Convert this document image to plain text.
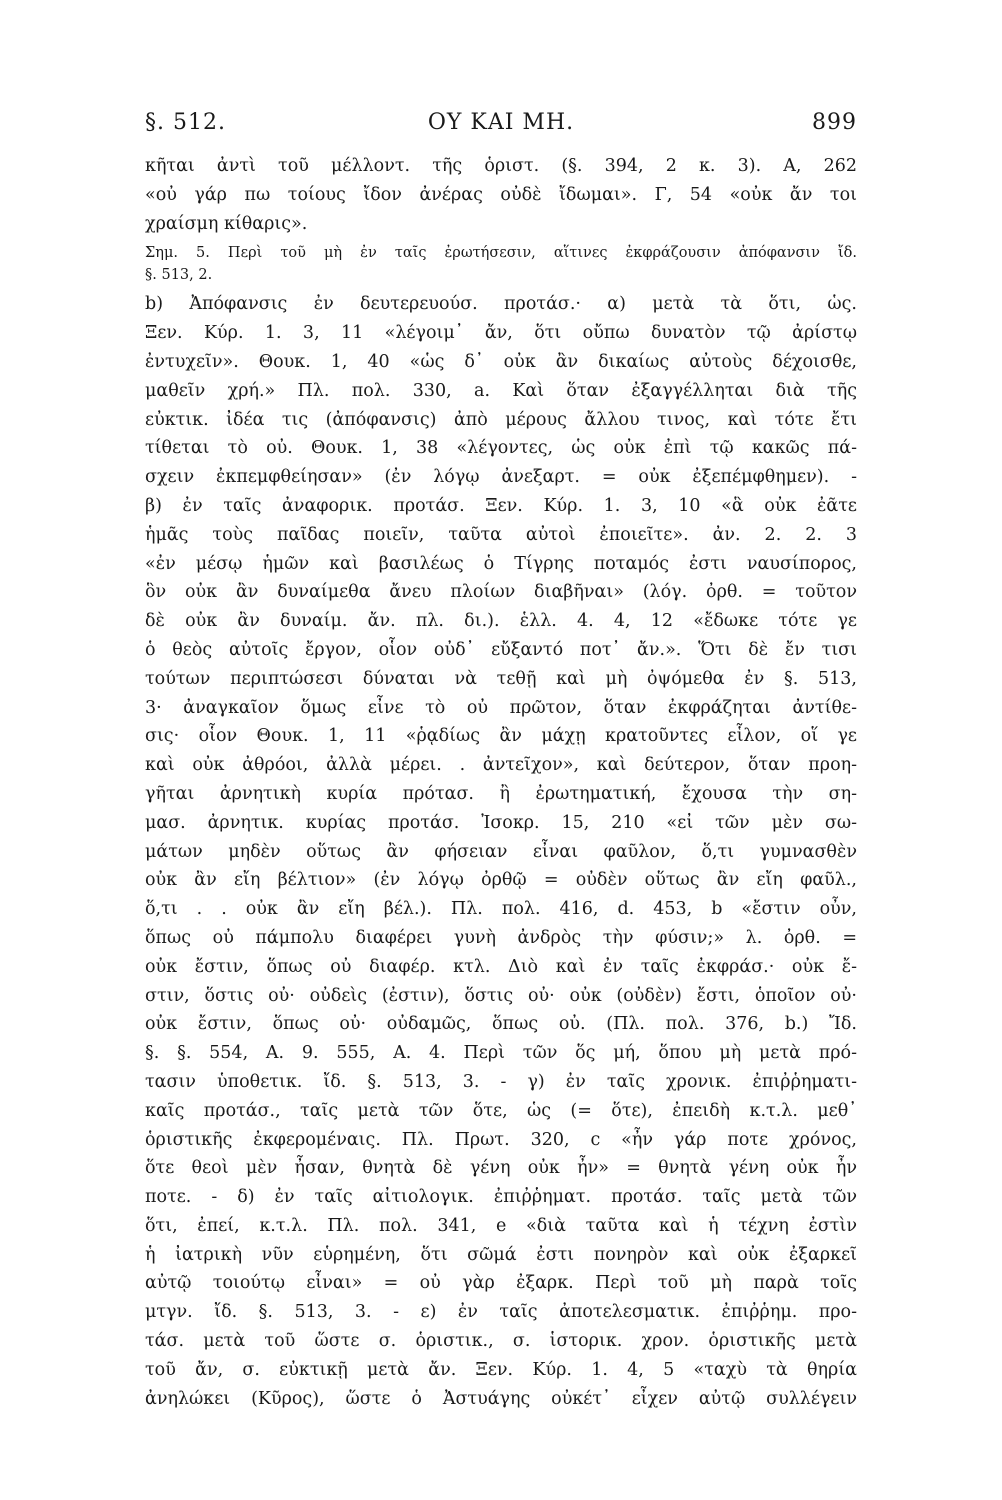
§. 512.	ΟΥ ΚΑΙ ΜΗ.	899
κῆται ἀντὶ τοῦ μέλλοντ. τῆς ὁριστ. (§. 394, 2 κ. 3). Α, 262
«οὐ γάρ πω τοίους ἴδον ἀνέρας οὐδὲ ἴδωμαι». Γ, 54 «οὐκ ἄν τοι
χραίσμη κίθαρις».
Σημ. 5. Περὶ τοῦ μὴ ἐν ταῖς ἐρωτήσεσιν, αἵτινες ἐκφράζουσιν ἀπόφανσιν ἴδ.
§. 513, 2.
b) Ἀπόφανσις ἐν δευτερευούσ. προτάσ.· α) μετὰ τὰ ὅτι, ὡς.
Ξεν. Κύρ. 1. 3, 11 «λέγοιμ᾿ ἄν, ὅτι οὔπω δυνατὸν τῷ ἀρίστῳ
ἐντυχεῖν». Θουκ. 1, 40 «ὡς δ᾿ οὐκ ἂν δικαίως αὐτοὺς δέχοισθε,
μαθεῖν χρή.» Πλ. πολ. 330, a. Καὶ ὅταν ἐξαγγέλληται διὰ τῆς
εὐκτικ. ἰδέα τις (ἀπόφανσις) ἀπὸ μέρους ἄλλου τινος, καὶ τότε ἔτι
τίθεται τὸ οὐ. Θουκ. 1, 38 «λέγοντες, ὡς οὐκ ἐπὶ τῷ κακῶς πά-
σχειν ἐκπεμφθείησαν» (ἐν λόγῳ ἀνεξαρτ. = οὐκ ἐξεπέμφθημεν). -
β) ἐν ταῖς ἀναφορικ. προτάσ. Ξεν. Κύρ. 1. 3, 10 «ἃ οὐκ ἐᾶτε
ἡμᾶς τοὺς παῖδας ποιεῖν, ταῦτα αὐτοὶ ἐποιεῖτε». ἀν. 2. 2. 3
«ἐν μέσῳ ἡμῶν καὶ βασιλέως ὁ Τίγρης ποταμός ἐστι ναυσίπορος,
ὃν οὐκ ἂν δυναίμεθα ἄνευ πλοίων διαβῆναι» (λόγ. ὀρθ. = τοῦτον
δὲ οὐκ ἂν δυναίμ. ἄν. πλ. δι.). ἑλλ. 4. 4, 12 «ἔδωκε τότε γε
ὁ θεὸς αὐτοῖς ἔργον, οἷον οὐδ᾿ εὔξαντό ποτ᾿ ἄν.». Ὅτι δὲ ἔν τισι
τούτων περιπτώσεσι δύναται νὰ τεθῇ καὶ μὴ ὀψόμεθα ἐν §. 513,
3· ἀναγκαῖον ὅμως εἶνε τὸ οὐ πρῶτον, ὅταν ἐκφράζηται ἀντίθε-
σις· οἷον Θουκ. 1, 11 «ῥᾳδίως ἂν μάχῃ κρατοῦντες εἷλον, οἵ γε
καὶ οὐκ ἀθρόοι, ἀλλὰ μέρει. . ἀντεῖχον», καὶ δεύτερον, ὅταν προη-
γῆται ἀρνητικὴ κυρία πρότασ. ἢ ἐρωτηματική, ἔχουσα τὴν ση-
μασ. ἀρνητικ. κυρίας προτάσ. Ἰσοκρ. 15, 210 «εἰ τῶν μὲν σω-
μάτων μηδὲν οὕτως ἂν φήσειαν εἶναι φαῦλον, ὅ,τι γυμνασθὲν
οὐκ ἂν εἴη βέλτιον» (ἐν λόγῳ ὀρθῷ = οὐδὲν οὕτως ἂν εἴη φαῦλ.,
ὅ,τι . . οὐκ ἂν εἴη βέλ.). Πλ. πολ. 416, d. 453, b «ἔστιν οὖν,
ὅπως οὐ πάμπολυ διαφέρει γυνὴ ἀνδρὸς τὴν φύσιν;» λ. ὀρθ. =
οὐκ ἔστιν, ὅπως οὐ διαφέρ. κτλ. Διὸ καὶ ἐν ταῖς ἐκφράσ.· οὐκ ἔ-
στιν, ὅστις οὐ· οὐδεὶς (ἐστιν), ὅστις οὐ· οὐκ (οὐδὲν) ἔστι, ὁποῖον οὐ·
οὐκ ἔστιν, ὅπως οὐ· οὐδαμῶς, ὅπως οὐ. (Πλ. πολ. 376, b.) Ἴδ.
§. §. 554, Α. 9. 555, Α. 4. Περὶ τῶν ὅς μή, ὅπου μὴ μετὰ πρό-
τασιν ὑποθετικ. ἴδ. §. 513, 3. - γ) ἐν ταῖς χρονικ. ἐπιῤῥηματι-
καῖς προτάσ., ταῖς μετὰ τῶν ὅτε, ὡς (= ὅτε), ἐπειδὴ κ.τ.λ. μεθ᾿
ὁριστικῆς ἐκφερομέναις. Πλ. Πρωτ. 320, c «ἦν γάρ ποτε χρόνος,
ὅτε θεοὶ μὲν ἦσαν, θνητὰ δὲ γένη οὐκ ἦν» = θνητὰ γένη οὐκ ἦν
ποτε. - δ) ἐν ταῖς αἰτιολογικ. ἐπιῤῥηματ. προτάσ. ταῖς μετὰ τῶν
ὅτι, ἐπεί, κ.τ.λ. Πλ. πολ. 341, e «διὰ ταῦτα καὶ ἡ τέχνη ἐστὶν
ἡ ἰατρικὴ νῦν εὑρημένη, ὅτι σῶμά ἐστι πονηρὸν καὶ οὐκ ἐξαρκεῖ
αὐτῷ τοιούτῳ εἶναι» = οὐ γὰρ ἐξαρκ. Περὶ τοῦ μὴ παρὰ τοῖς
μτγν. ἴδ. §. 513, 3. - ε) ἐν ταῖς ἀποτελεσματικ. ἐπιῤῥημ. προ-
τάσ. μετὰ τοῦ ὥστε σ. ὁριστικ., σ. ἱστορικ. χρον. ὁριστικῆς μετὰ
τοῦ ἄν, σ. εὐκτικῇ μετὰ ἄν. Ξεν. Κύρ. 1. 4, 5 «ταχὺ τὰ θηρία
ἀνηλώκει (Κῦρος), ὥστε ὁ Ἀστυάγης οὐκέτ᾿ εἶχεν αὐτῷ συλλέγειν
